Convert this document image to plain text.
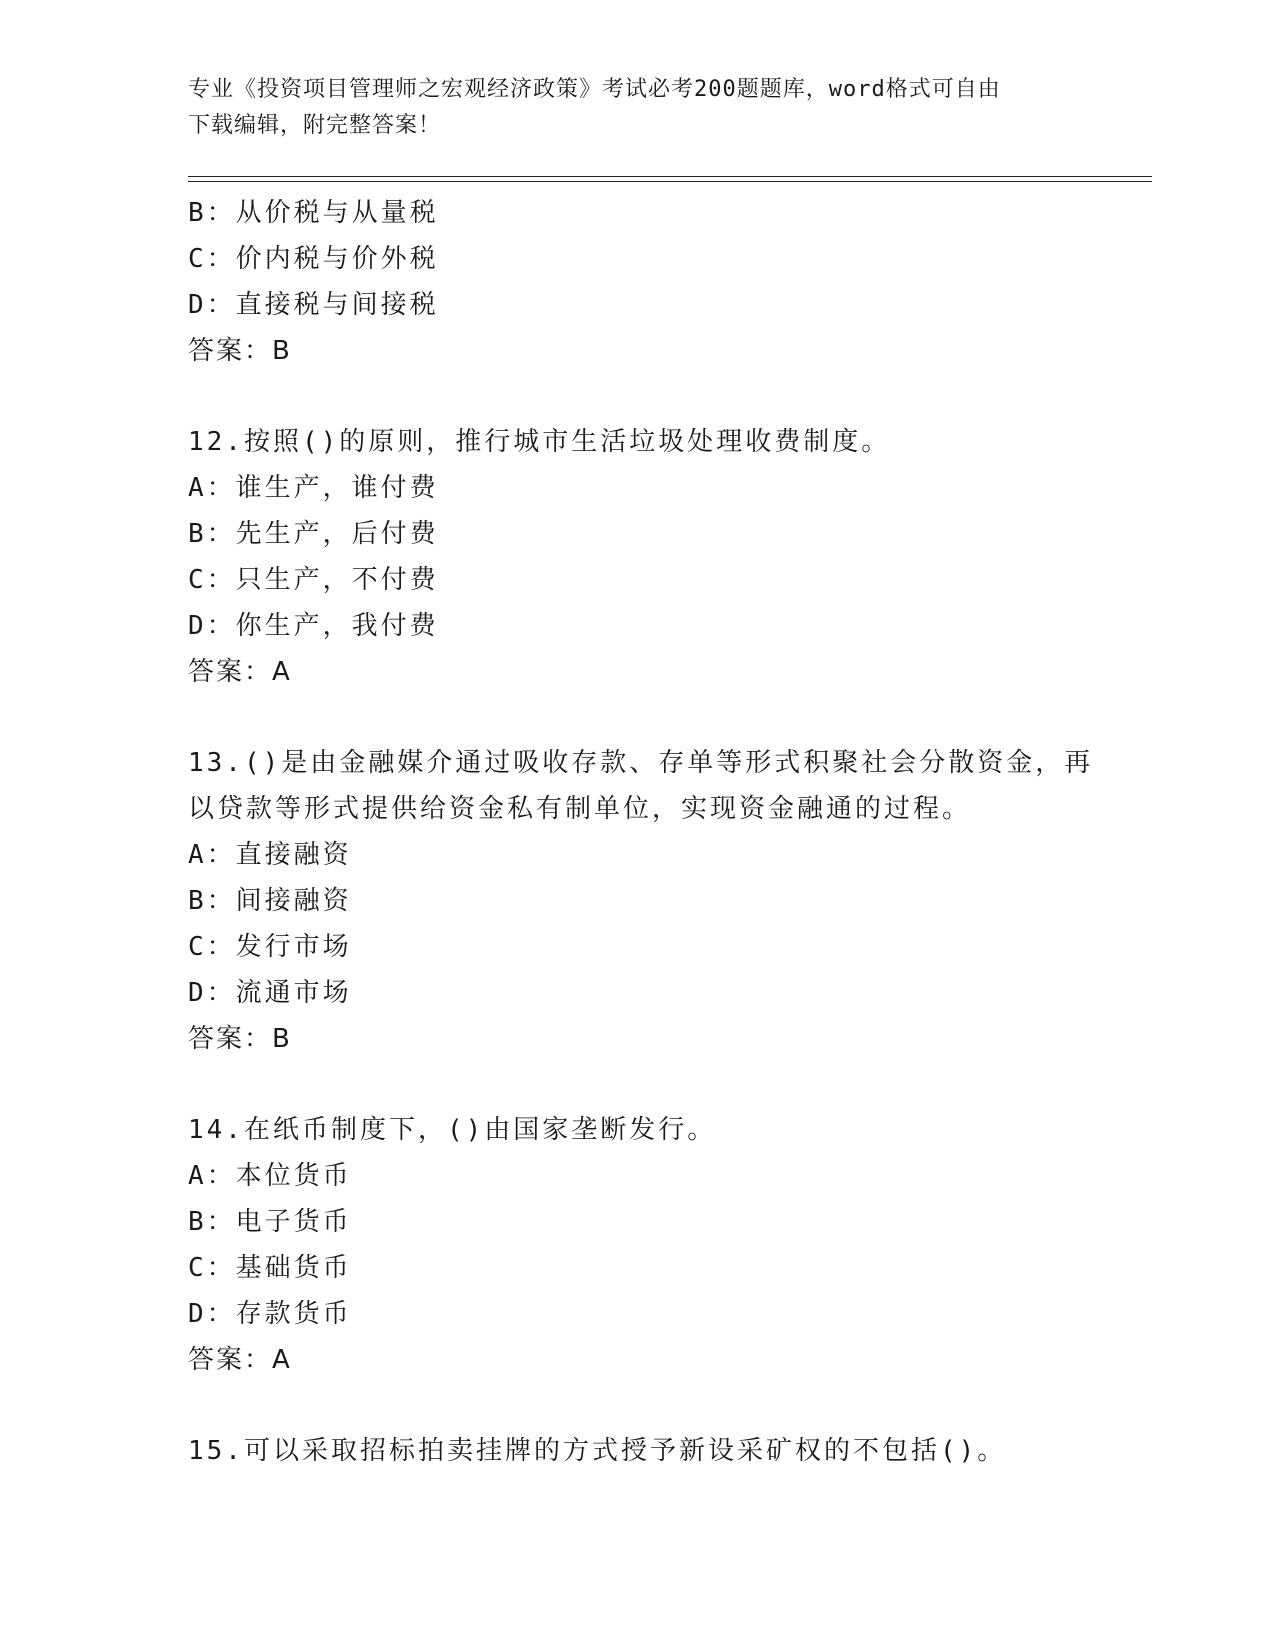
专业《投资项目管理师之宏观经济政策》考试必考200题题库，word格式可自由
下载编辑，附完整答案！
B：从价税与从量税
C：价内税与价外税
D：直接税与间接税
答案：B
12.按照()的原则，推行城市生活垃圾处理收费制度。
A：谁生产，谁付费
B：先生产，后付费
C：只生产，不付费
D：你生产，我付费
答案：A
13.()是由金融媒介通过吸收存款、存单等形式积聚社会分散资金，再
以贷款等形式提供给资金私有制单位，实现资金融通的过程。
A：直接融资
B：间接融资
C：发行市场
D：流通市场
答案：B
14.在纸币制度下，()由国家垄断发行。
A：本位货币
B：电子货币
C：基础货币
D：存款货币
答案：A
15.可以采取招标拍卖挂牌的方式授予新设采矿权的不包括()。
